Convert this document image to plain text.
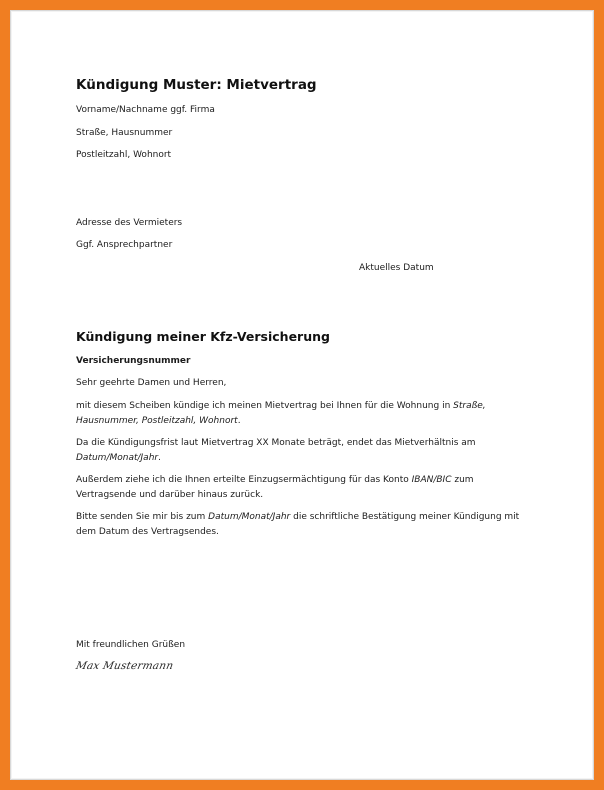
Kündigung Muster: Mietvertrag
Vorname/Nachname ggf. Firma
Straße, Hausnummer
Postleitzahl, Wohnort
Adresse des Vermieters
Ggf. Ansprechpartner
Aktuelles Datum
Kündigung meiner Kfz-Versicherung
Versicherungsnummer
Sehr geehrte Damen und Herren,

mit diesem Scheiben kündige ich meinen Mietvertrag bei Ihnen für die Wohnung in Straße, Hausnummer, Postleitzahl, Wohnort.

Da die Kündigungsfrist laut Mietvertrag XX Monate beträgt, endet das Mietverhältnis am Datum/Monat/Jahr.

Außerdem ziehe ich die Ihnen erteilte Einzugsermächtigung für das Konto IBAN/BIC zum Vertragsende und darüber hinaus zurück.

Bitte senden Sie mir bis zum Datum/Monat/Jahr die schriftliche Bestätigung meiner Kündigung mit dem Datum des Vertragsendes.

Mit freundlichen Grüßen
Max Mustermann
